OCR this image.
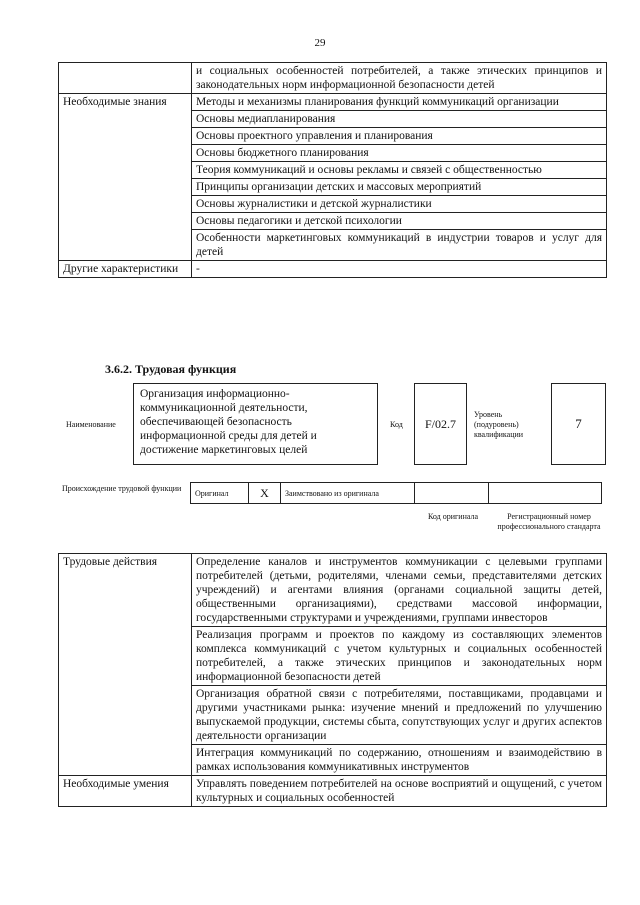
29
	и социальных особенностей потребителей, а также этических принципов и законодательных норм информационной безопасности детей
Необходимые знания	Методы и механизмы планирования функций коммуникаций организации
	Основы медиапланирования
	Основы проектного управления и планирования
	Основы бюджетного планирования
	Теория коммуникаций и основы рекламы и связей с общественностью
	Принципы организации детских и массовых мероприятий
	Основы журналистики и детской журналистики
	Основы педагогики и детской психологии
	Особенности маркетинговых коммуникаций в индустрии товаров и услуг для детей
Другие характеристики	-
3.6.2. Трудовая функция
Наименование
Организация информационно-коммуникационной деятельности, обеспечивающей безопасность информационной среды для детей и достижение маркетинговых целей
Код	F/02.7
Уровень (подуровень) квалификации
7
Происхождение трудовой функции	Оригинал	X	Заимствовано из оригинала
Код оригинала	Регистрационный номер профессионального стандарта
Трудовые действия	Определение каналов и инструментов коммуникации с целевыми группами потребителей (детьми, родителями, членами семьи, представителями детских учреждений) и агентами влияния (органами социальной защиты детей, общественными организациями), средствами массовой информации, государственными структурами и учреждениями, группами инвесторов
	Реализация программ и проектов по каждому из составляющих элементов комплекса коммуникаций с учетом культурных и социальных особенностей потребителей, а также этических принципов и законодательных норм информационной безопасности детей
	Организация обратной связи с потребителями, поставщиками, продавцами и другими участниками рынка: изучение мнений и предложений по улучшению выпускаемой продукции, системы сбыта, сопутствующих услуг и других аспектов деятельности организации
	Интеграция коммуникаций по содержанию, отношениям и взаимодействию в рамках использования коммуникативных инструментов
Необходимые умения	Управлять поведением потребителей на основе восприятий и ощущений, с учетом культурных и социальных особенностей
